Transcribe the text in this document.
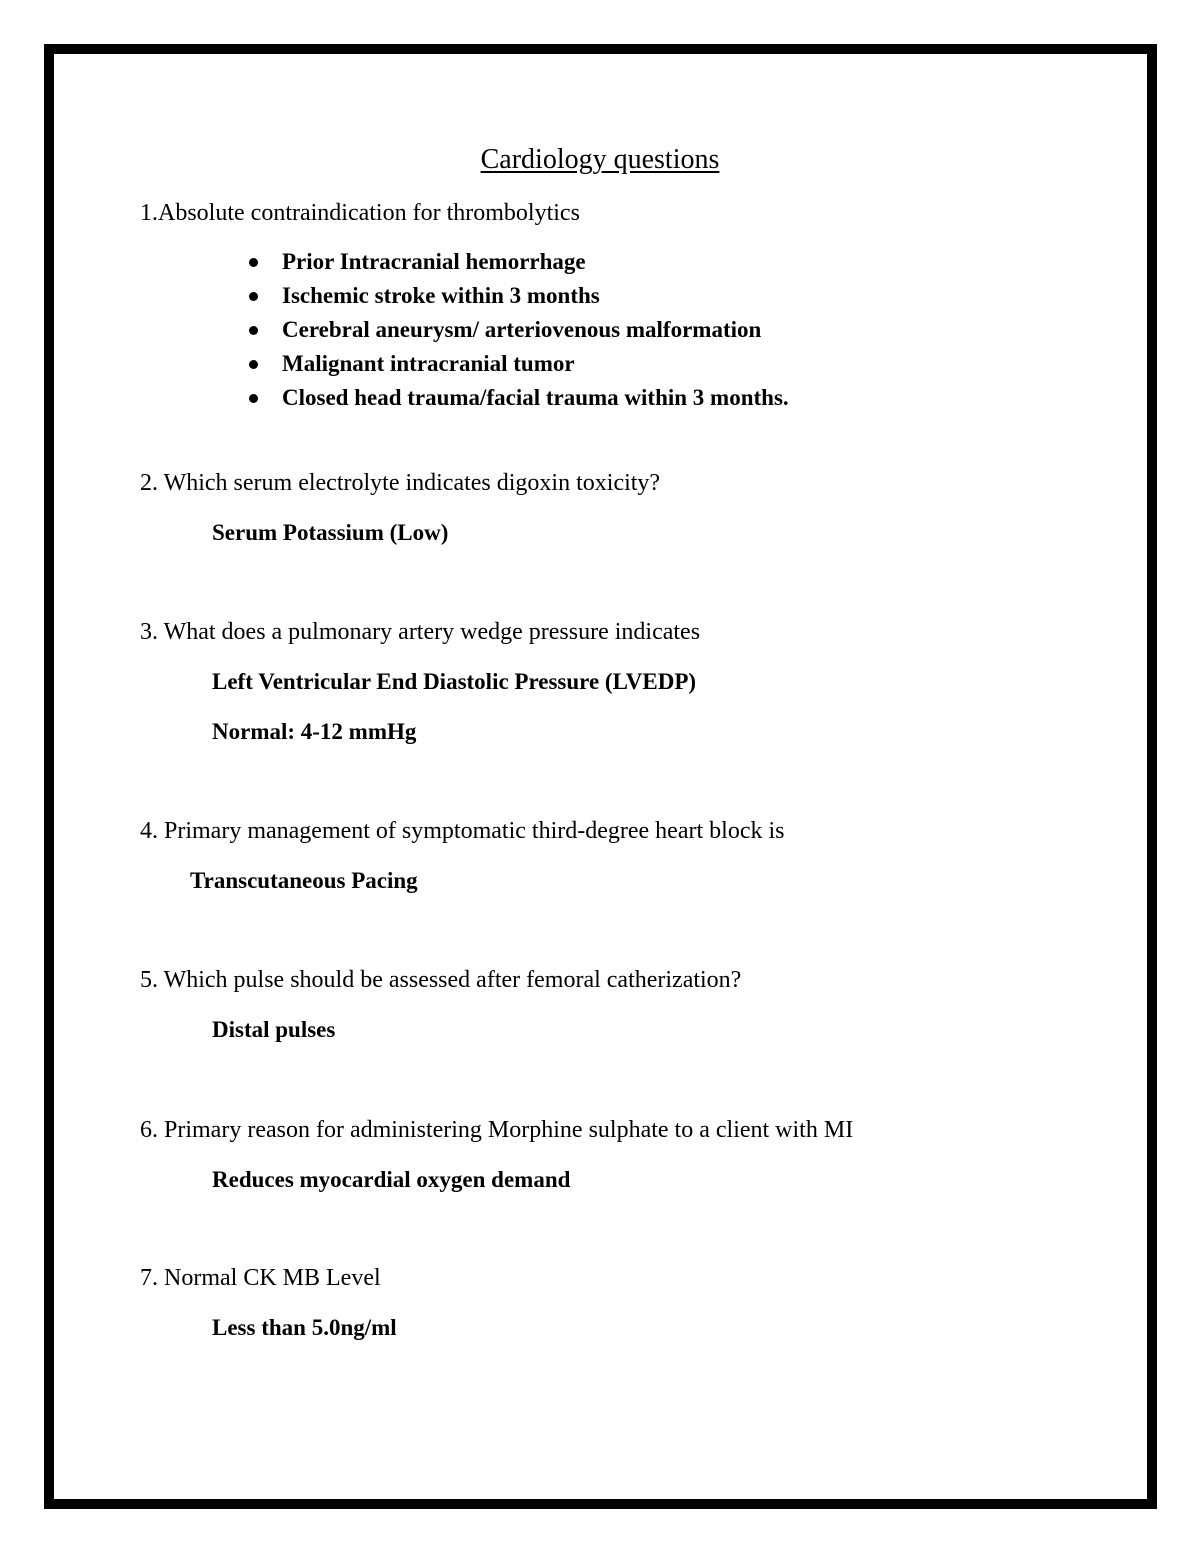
Cardiology questions
1.Absolute contraindication for thrombolytics
Prior Intracranial hemorrhage
Ischemic stroke within 3 months
Cerebral aneurysm/ arteriovenous malformation
Malignant intracranial tumor
Closed head trauma/facial trauma within 3 months.
2. Which serum electrolyte indicates digoxin toxicity?
Serum Potassium (Low)
3. What does a pulmonary artery wedge pressure indicates
Left Ventricular End Diastolic Pressure (LVEDP)
Normal: 4-12 mmHg
4. Primary management of symptomatic third-degree heart block is
Transcutaneous Pacing
5. Which pulse should be assessed after femoral catherization?
Distal pulses
6. Primary reason for administering Morphine sulphate to a client with MI
Reduces myocardial oxygen demand
7. Normal CK MB Level
Less than 5.0ng/ml
